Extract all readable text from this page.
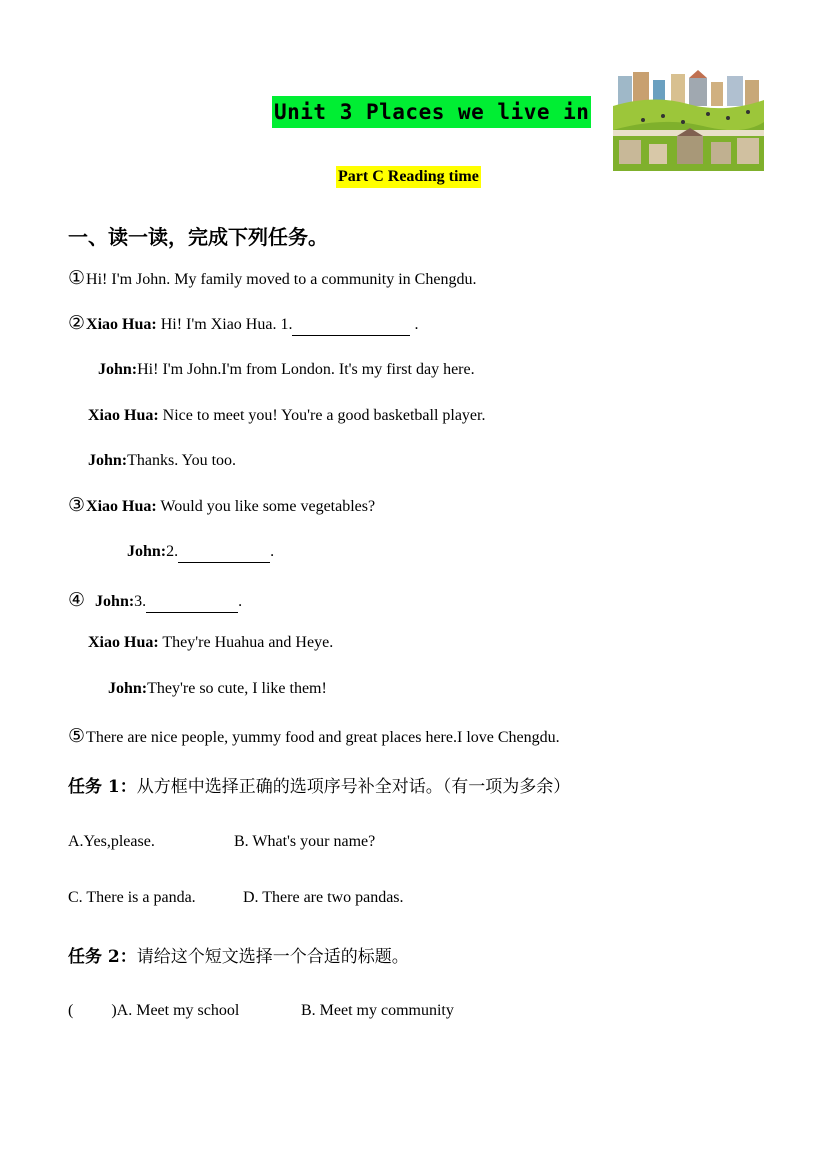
Unit 3 Places we live in
Part C Reading time
一、读一读，完成下列任务。
①Hi! I'm John. My family moved to a community in Chengdu.
②Xiao Hua: Hi! I'm Xiao Hua. 1.	.
John:Hi! I'm John.I'm from London. It's my first day here.
Xiao Hua: Nice to meet you! You're a good basketball player.
John:Thanks. You too.
③Xiao Hua: Would you like some vegetables?
John:2.	.
④ John:3.	.
Xiao Hua: They're Huahua and Heye.
John:They're so cute, I like them!
⑤There are nice people, yummy food and great places here.I love Chengdu.
任务 1：从方框中选择正确的选项序号补全对话。（有一项为多余）
A.Yes,please.	B. What's your name?
C. There is a panda.	D. There are two pandas.
任务 2：请给这个短文选择一个合适的标题。
( )A. Meet my school	B. Meet my community
